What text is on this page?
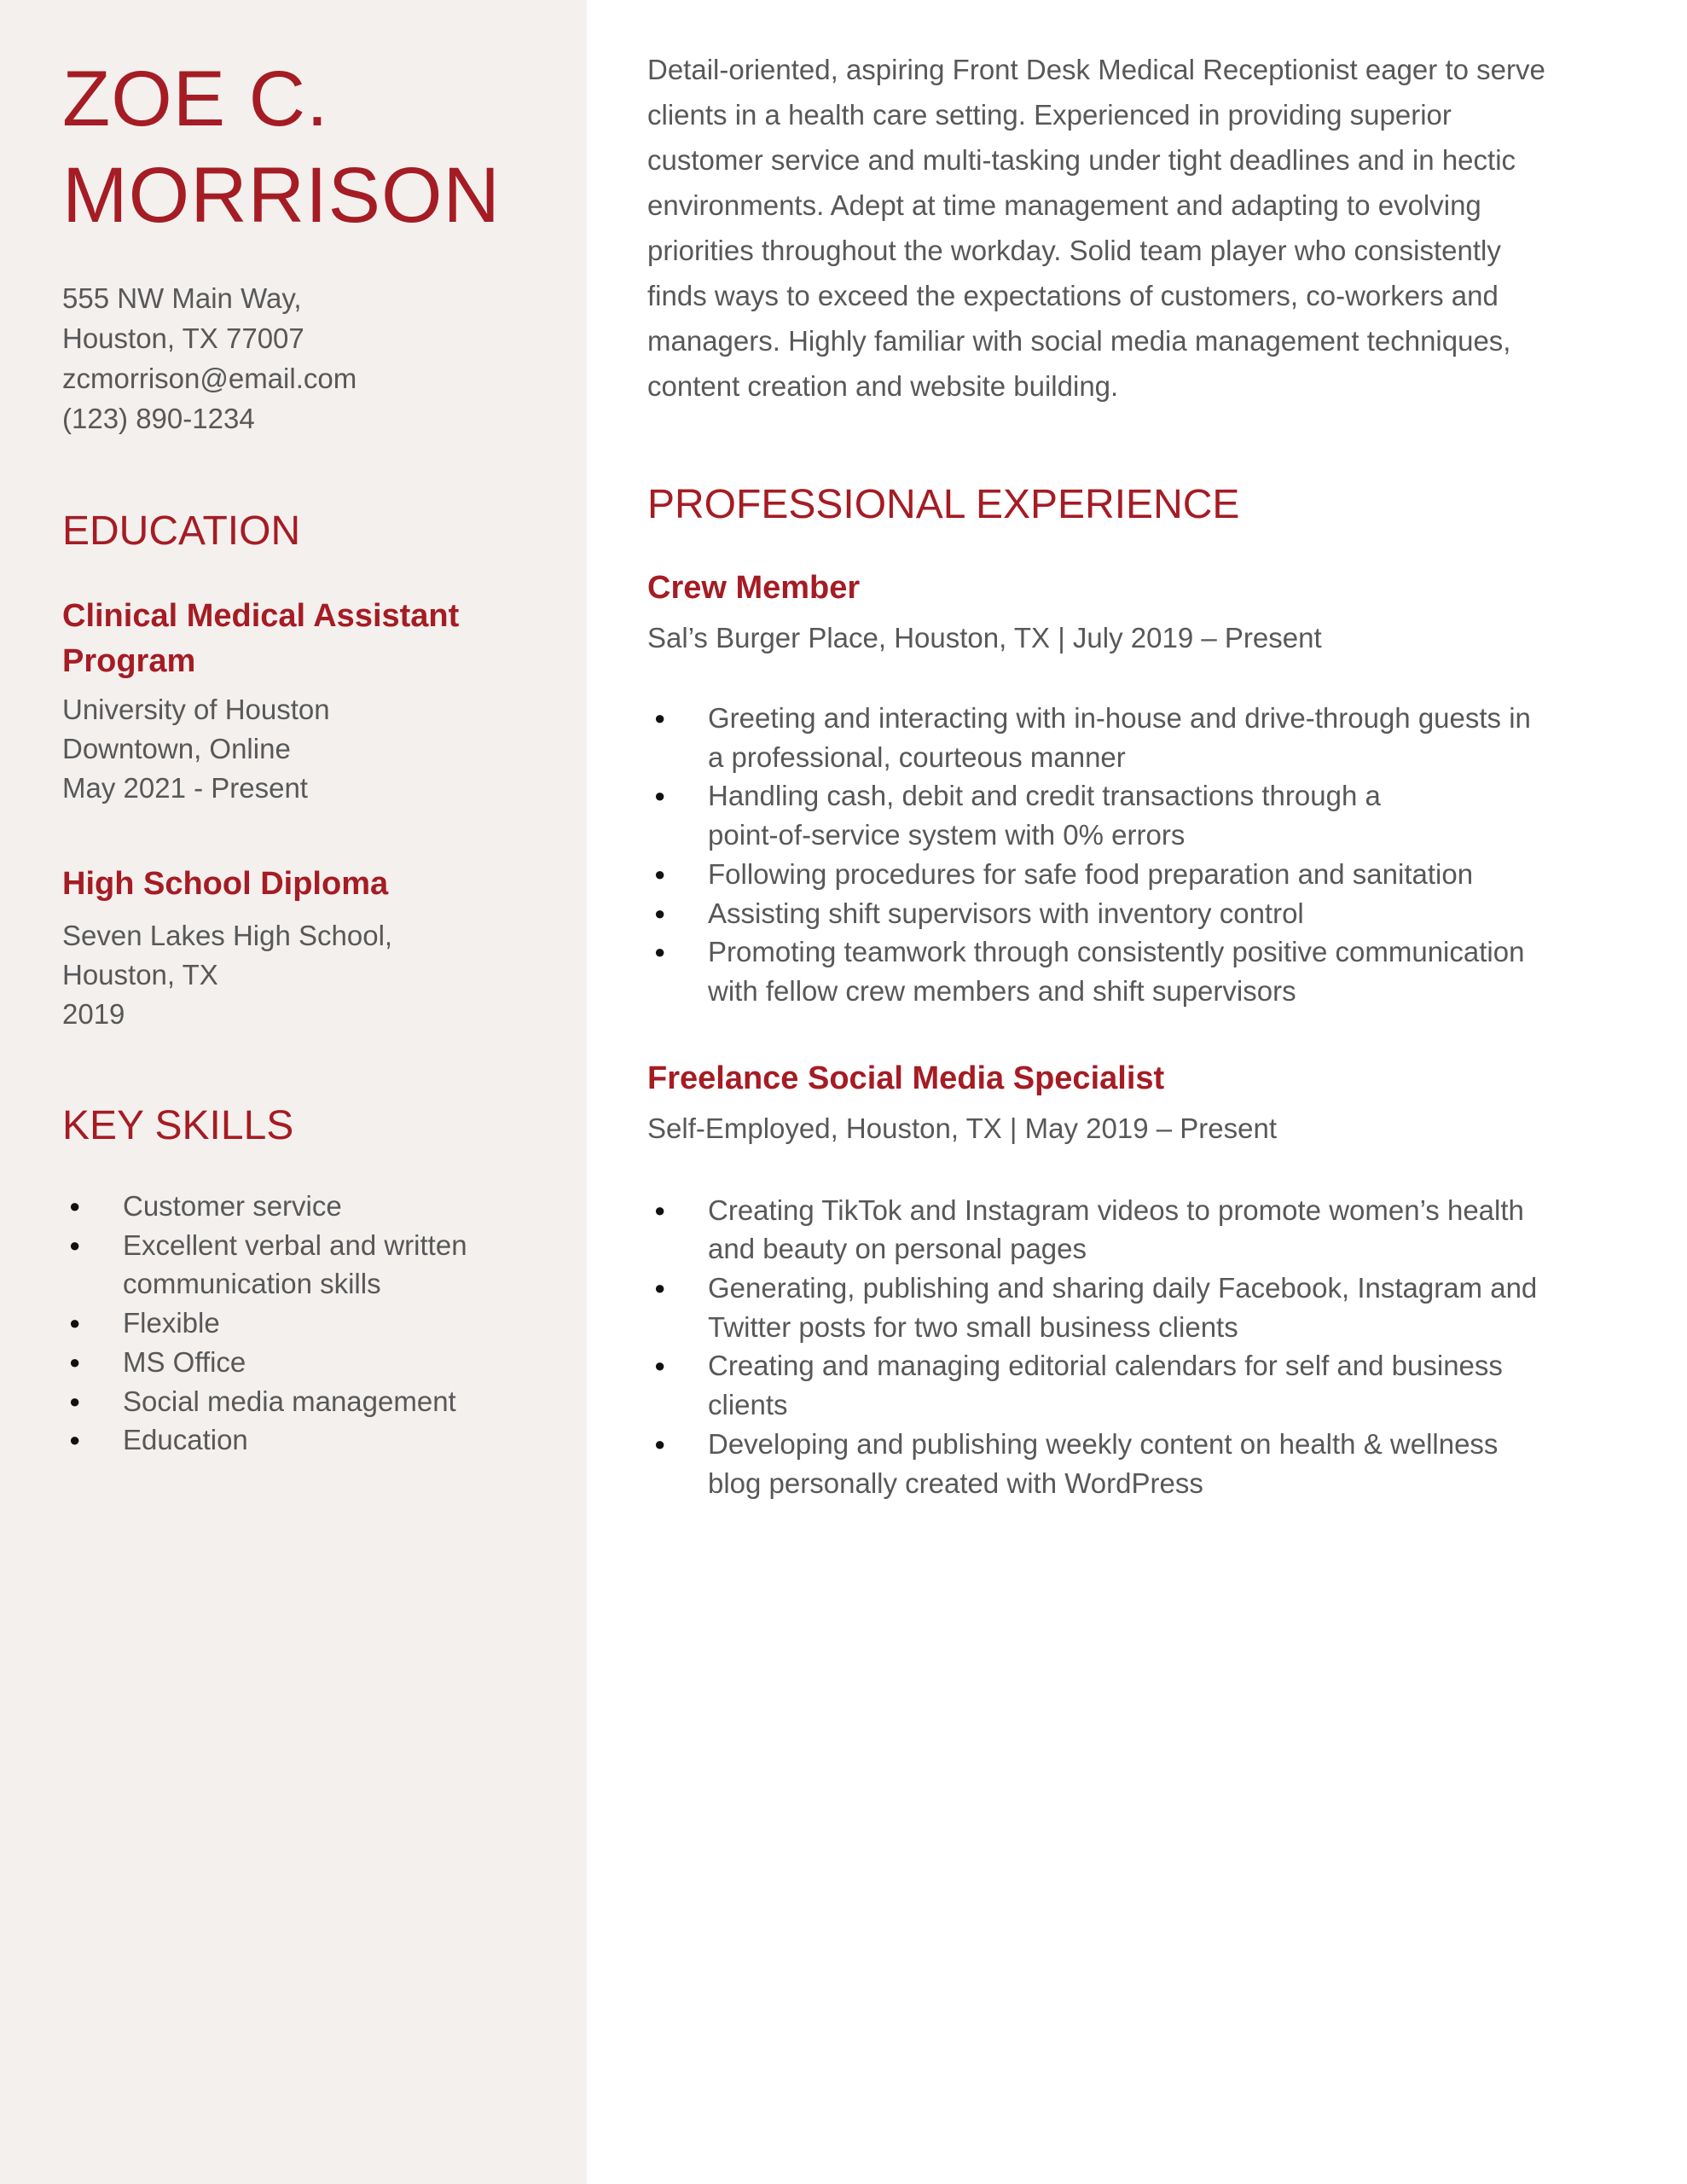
ZOE C.
MORRISON
555 NW Main Way,
Houston, TX 77007
zcmorrison@email.com
(123) 890-1234
EDUCATION
Clinical Medical Assistant
Program
University of Houston
Downtown, Online
May 2021 - Present
High School Diploma
Seven Lakes High School,
Houston, TX
2019
KEY SKILLS
● Customer service
● Excellent verbal and written
communication skills
● Flexible
● MS Office
● Social media management
● Education
Detail-oriented, aspiring Front Desk Medical Receptionist eager to serve
clients in a health care setting. Experienced in providing superior
customer service and multi-tasking under tight deadlines and in hectic
environments. Adept at time management and adapting to evolving
priorities throughout the workday. Solid team player who consistently
finds ways to exceed the expectations of customers, co-workers and
managers. Highly familiar with social media management techniques,
content creation and website building.
PROFESSIONAL EXPERIENCE
Crew Member
Sal’s Burger Place, Houston, TX | July 2019 – Present
● Greeting and interacting with in-house and drive-through guests in
a professional, courteous manner
● Handling cash, debit and credit transactions through a
point-of-service system with 0% errors
● Following procedures for safe food preparation and sanitation
● Assisting shift supervisors with inventory control
● Promoting teamwork through consistently positive communication
with fellow crew members and shift supervisors
Freelance Social Media Specialist
Self-Employed, Houston, TX | May 2019 – Present
● Creating TikTok and Instagram videos to promote women’s health
and beauty on personal pages
● Generating, publishing and sharing daily Facebook, Instagram and
Twitter posts for two small business clients
● Creating and managing editorial calendars for self and business
clients
● Developing and publishing weekly content on health & wellness
blog personally created with WordPress
